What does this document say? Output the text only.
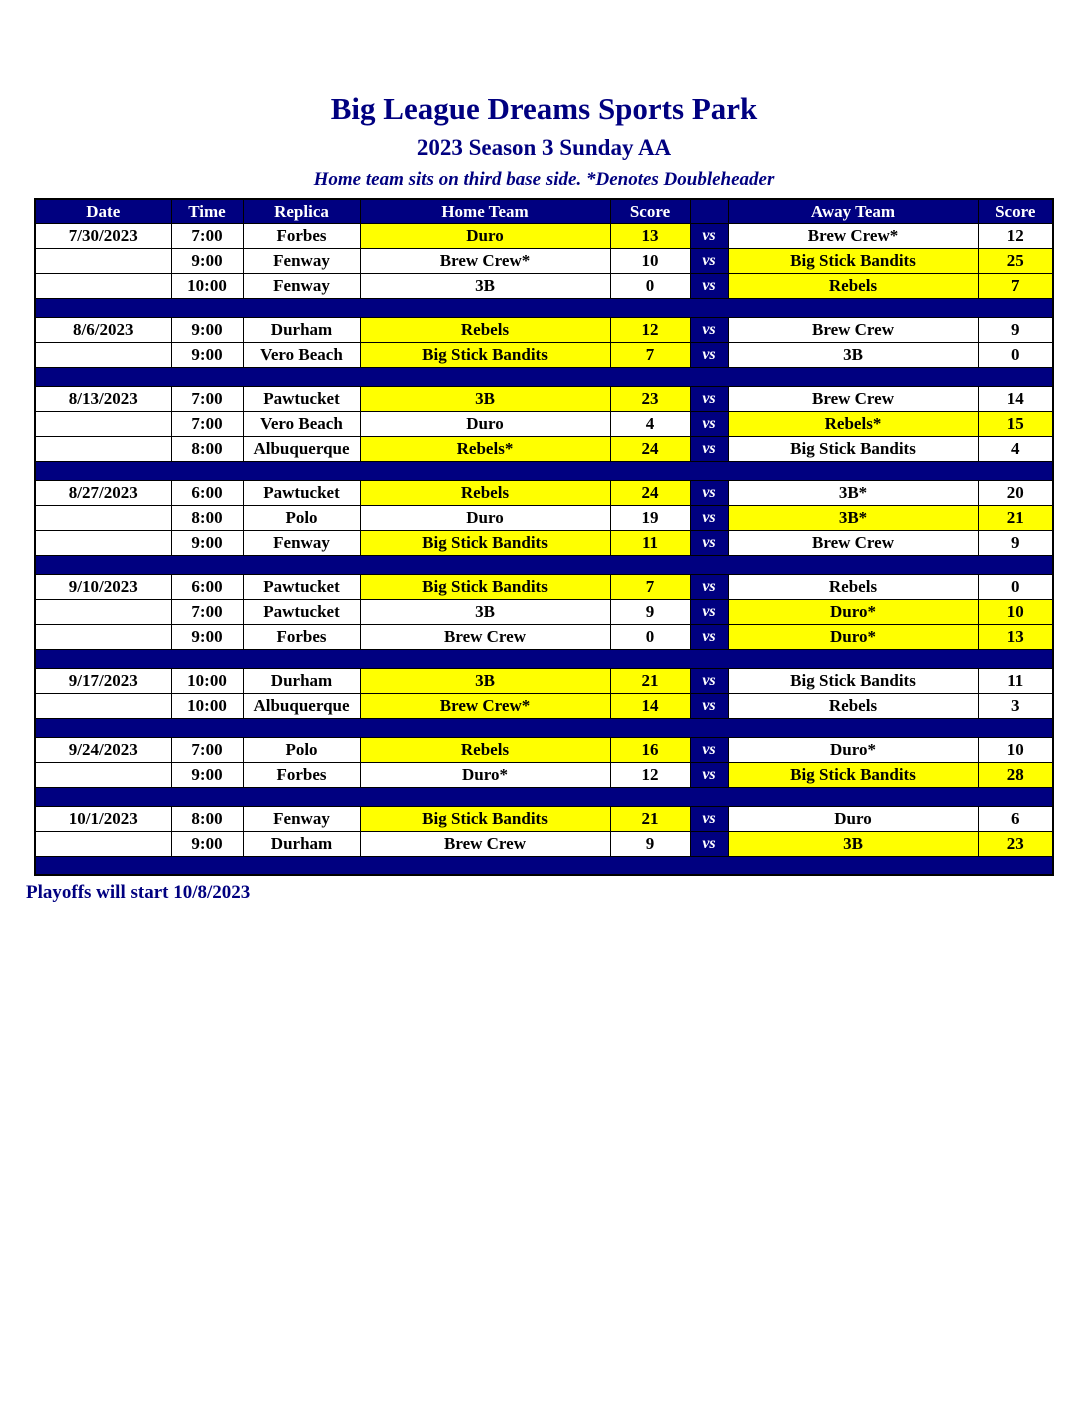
Big League Dreams Sports Park
2023 Season 3 Sunday AA
Home team sits on third base side. *Denotes Doubleheader
Date	Time	Replica	Home Team	Score		Away Team	Score
7/30/2023	7:00	Forbes	Duro	13	vs	Brew Crew*	12
	9:00	Fenway	Brew Crew*	10	vs	Big Stick Bandits	25
	10:00	Fenway	3B	0	vs	Rebels	7

8/6/2023	9:00	Durham	Rebels	12	vs	Brew Crew	9
	9:00	Vero Beach	Big Stick Bandits	7	vs	3B	0

8/13/2023	7:00	Pawtucket	3B	23	vs	Brew Crew	14
	7:00	Vero Beach	Duro	4	vs	Rebels*	15
	8:00	Albuquerque	Rebels*	24	vs	Big Stick Bandits	4

8/27/2023	6:00	Pawtucket	Rebels	24	vs	3B*	20
	8:00	Polo	Duro	19	vs	3B*	21
	9:00	Fenway	Big Stick Bandits	11	vs	Brew Crew	9

9/10/2023	6:00	Pawtucket	Big Stick Bandits	7	vs	Rebels	0
	7:00	Pawtucket	3B	9	vs	Duro*	10
	9:00	Forbes	Brew Crew	0	vs	Duro*	13

9/17/2023	10:00	Durham	3B	21	vs	Big Stick Bandits	11
	10:00	Albuquerque	Brew Crew*	14	vs	Rebels	3

9/24/2023	7:00	Polo	Rebels	16	vs	Duro*	10
	9:00	Forbes	Duro*	12	vs	Big Stick Bandits	28

10/1/2023	8:00	Fenway	Big Stick Bandits	21	vs	Duro	6
	9:00	Durham	Brew Crew	9	vs	3B	23

Playoffs will start 10/8/2023
